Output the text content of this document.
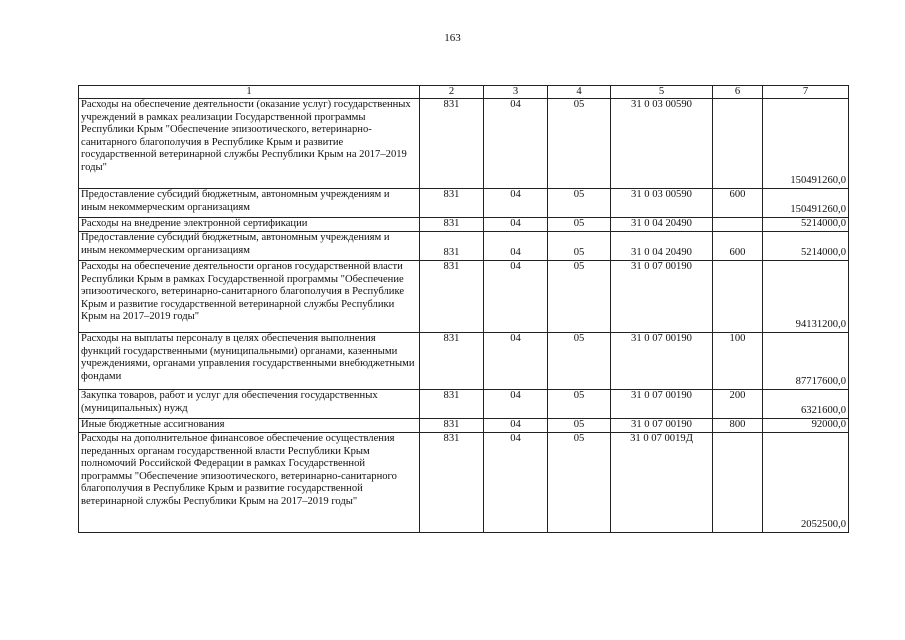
163
1	2	3	4	5	6	7
Расходы на обеспечение деятельности (оказание услуг) государственных учреждений в рамках реализации Государственной программы Республики Крым "Обеспечение эпизоотического, ветеринарно-санитарного благополучия в Республике Крым и развитие государственной ветеринарной службы Республики Крым на 2017–2019 годы"	831	04	05	31 0 03 00590		150491260,0
Предоставление субсидий бюджетным, автономным учреждениям и иным некоммерческим организациям	831	04	05	31 0 03 00590	600	150491260,0
Расходы на внедрение электронной сертификации	831	04	05	31 0 04 20490		5214000,0
Предоставление субсидий бюджетным, автономным учреждениям и иным некоммерческим организациям	831	04	05	31 0 04 20490	600	5214000,0
Расходы на обеспечение деятельности органов государственной власти Республики Крым в рамках Государственной программы "Обеспечение эпизоотического, ветеринарно-санитарного благополучия в Республике Крым и развитие государственной ветеринарной службы Республики Крым на 2017–2019 годы"	831	04	05	31 0 07 00190		94131200,0
Расходы на выплаты персоналу в целях обеспечения выполнения функций государственными (муниципальными) органами, казенными учреждениями, органами управления государственными внебюджетными фондами	831	04	05	31 0 07 00190	100	87717600,0
Закупка товаров, работ и услуг для обеспечения государственных (муниципальных) нужд	831	04	05	31 0 07 00190	200	6321600,0
Иные бюджетные ассигнования	831	04	05	31 0 07 00190	800	92000,0
Расходы на дополнительное финансовое обеспечение осуществления переданных органам государственной власти Республики Крым полномочий Российской Федерации в рамках Государственной программы "Обеспечение эпизоотического, ветеринарно-санитарного благополучия в Республике Крым и развитие государственной ветеринарной службы Республики Крым на 2017–2019 годы"	831	04	05	31 0 07 0019Д		2052500,0
